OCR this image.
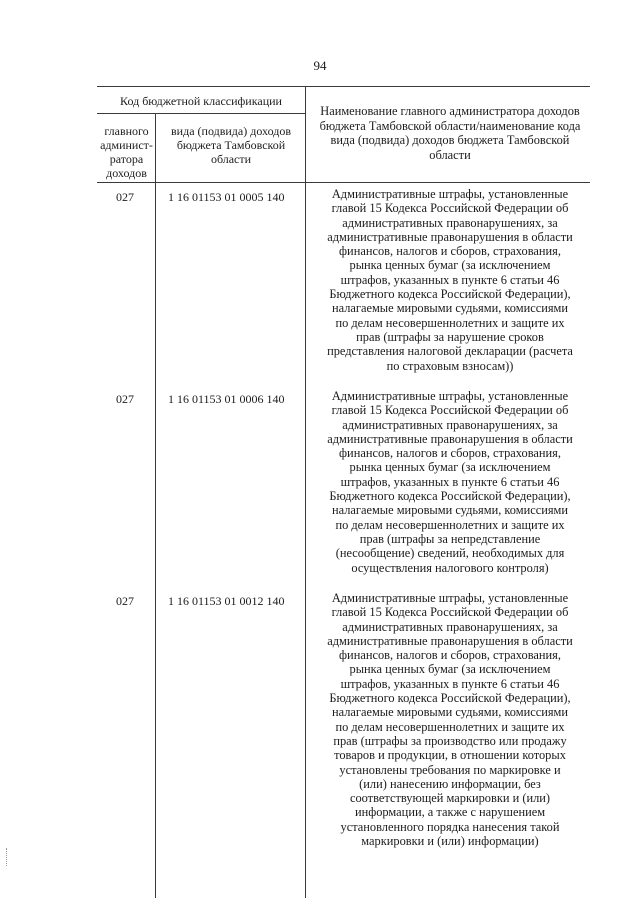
94
Код бюджетной классификации
главного админист-ратора доходов
вида (подвида) доходов бюджета Тамбовской области
Наименование главного администратора доходов бюджета Тамбовской области/наименование кода вида (подвида) доходов бюджета Тамбовской области
027	1 16 01153 01 0005 140	Административные штрафы, установленные
главой 15 Кодекса Российской Федерации об
административных правонарушениях, за
административные правонарушения в области
финансов, налогов и сборов, страхования,
рынка ценных бумаг (за исключением
штрафов, указанных в пункте 6 статьи 46
Бюджетного кодекса Российской Федерации),
налагаемые мировыми судьями, комиссиями
по делам несовершеннолетних и защите их
прав (штрафы за нарушение сроков
представления налоговой декларации (расчета
по страховым взносам))
027	1 16 01153 01 0006 140	Административные штрафы, установленные
главой 15 Кодекса Российской Федерации об
административных правонарушениях, за
административные правонарушения в области
финансов, налогов и сборов, страхования,
рынка ценных бумаг (за исключением
штрафов, указанных в пункте 6 статьи 46
Бюджетного кодекса Российской Федерации),
налагаемые мировыми судьями, комиссиями
по делам несовершеннолетних и защите их
прав (штрафы за непредставление
(несообщение) сведений, необходимых для
осуществления налогового контроля)
027	1 16 01153 01 0012 140	Административные штрафы, установленные
главой 15 Кодекса Российской Федерации об
административных правонарушениях, за
административные правонарушения в области
финансов, налогов и сборов, страхования,
рынка ценных бумаг (за исключением
штрафов, указанных в пункте 6 статьи 46
Бюджетного кодекса Российской Федерации),
налагаемые мировыми судьями, комиссиями
по делам несовершеннолетних и защите их
прав (штрафы за производство или продажу
товаров и продукции, в отношении которых
установлены требования по маркировке и
(или) нанесению информации, без
соответствующей маркировки и (или)
информации, а также с нарушением
установленного порядка нанесения такой
маркировки и (или) информации)
